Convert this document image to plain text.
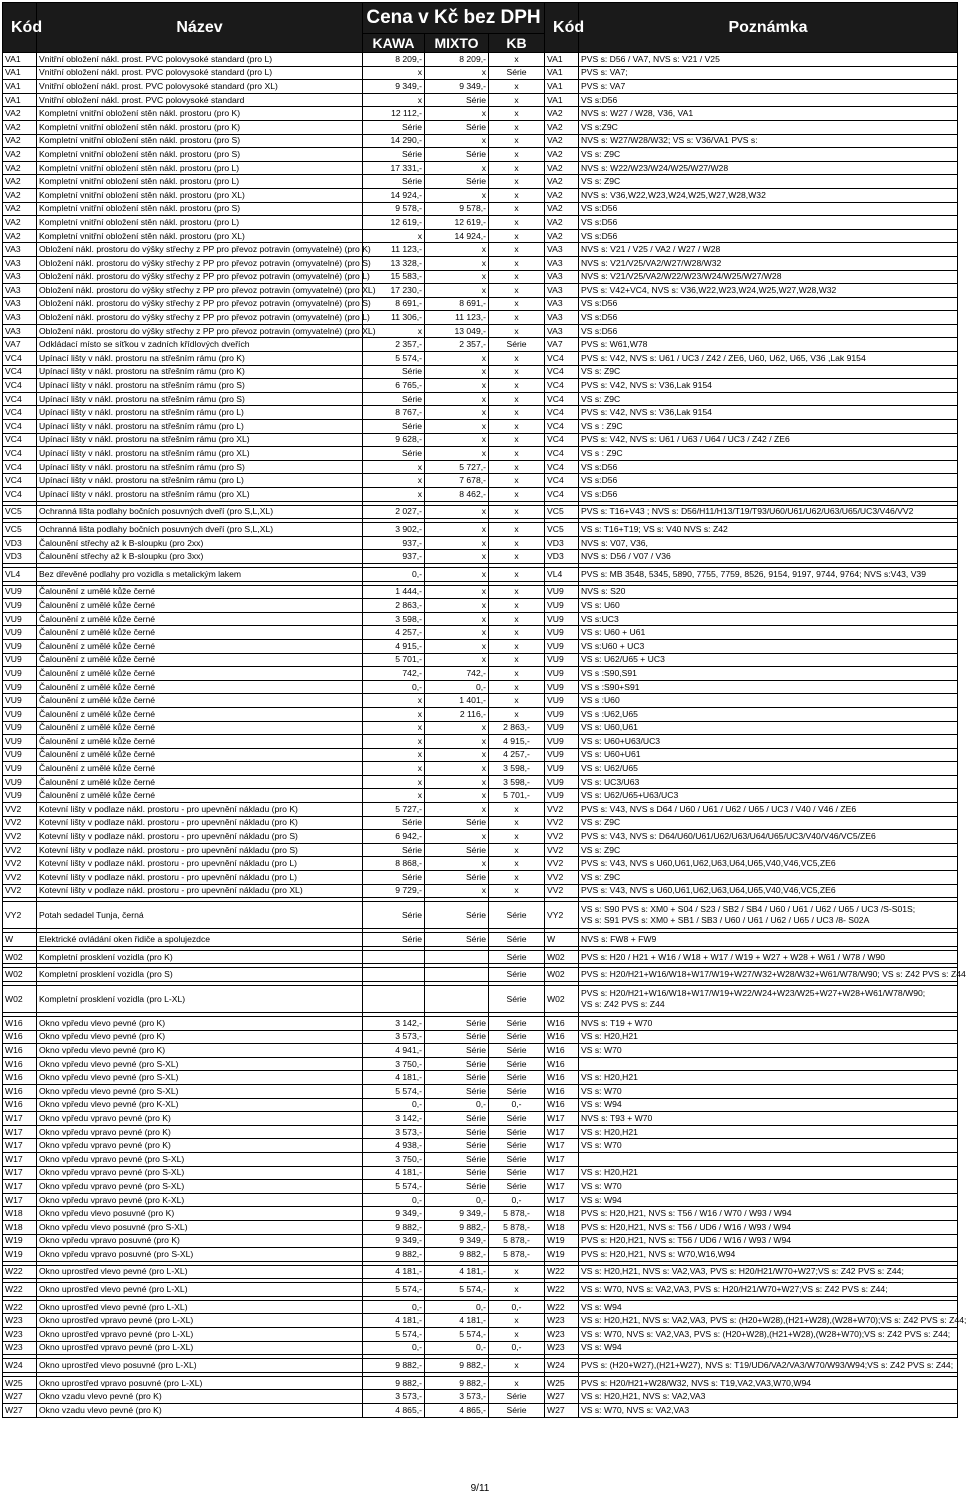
Kód	Název	Cena v Kč bez DPH			Kód	Poznámka
		KAWA	MIXTO	KB		
VA1	Vnitřní obložení nákl. prost. PVC polovysoké standard (pro L)	8 209,-	8 209,-	x	VA1	PVS s: D56 / VA7, NVS s: V21 / V25
VA1	Vnitřní obložení nákl. prost. PVC polovysoké standard (pro L)	x	x	Série	VA1	PVS s: VA7;
VA1	Vnitřní obložení nákl. prost. PVC polovysoké standard (pro XL)	9 349,-	9 349,-	x	VA1	PVS s: VA7
VA1	Vnitřní obložení nákl. prost. PVC polovysoké standard	x	Série	x	VA1	VS s:D56
VA2	Kompletní vnitřní obložení stěn nákl. prostoru (pro K)	12 112,-	x	x	VA2	NVS s: W27 / W28, V36, VA1
VA2	Kompletní vnitřní obložení stěn nákl. prostoru (pro K)	Série	Série	x	VA2	VS s:Z9C
VA2	Kompletní vnitřní obložení stěn nákl. prostoru (pro S)	14 290,-	x	x	VA2	NVS s: W27/W28/W32; VS s: V36/VA1 PVS s:
VA2	Kompletní vnitřní obložení stěn nákl. prostoru (pro S)	Série	Série	x	VA2	VS s: Z9C
VA2	Kompletní vnitřní obložení stěn nákl. prostoru (pro L)	17 331,-	x	x	VA2	NVS s: W22/W23/W24/W25/W27/W28
VA2	Kompletní vnitřní obložení stěn nákl. prostoru (pro L)	Série	Série	x	VA2	VS s: Z9C
VA2	Kompletní vnitřní obložení stěn nákl. prostoru (pro XL)	14 924,-	x	x	VA2	NVS s: V36,W22,W23,W24,W25,W27,W28,W32
VA2	Kompletní vnitřní obložení stěn nákl. prostoru (pro S)	9 578,-	9 578,-	x	VA2	VS s:D56
VA2	Kompletní vnitřní obložení stěn nákl. prostoru (pro L)	12 619,-	12 619,-	x	VA2	VS s:D56
VA2	Kompletní vnitřní obložení stěn nákl. prostoru (pro XL)	x	14 924,-	x	VA2	VS s:D56
VA3	Obložení nákl. prostoru do výšky střechy z PP pro převoz potravin (omyvatelné) (pro K)	11 123,-	x	x	VA3	NVS s: V21 / V25 / VA2 / W27 / W28
VA3	Obložení nákl. prostoru do výšky střechy z PP pro převoz potravin (omyvatelné) (pro S)	13 328,-	x	x	VA3	NVS s: V21/V25/VA2/W27/W28/W32
VA3	Obložení nákl. prostoru do výšky střechy z PP pro převoz potravin (omyvatelné) (pro L)	15 583,-	x	x	VA3	NVS s: V21/V25/VA2/W22/W23/W24/W25/W27/W28
VA3	Obložení nákl. prostoru do výšky střechy z PP pro převoz potravin (omyvatelné) (pro XL)	17 230,-	x	x	VA3	PVS s: V42+VC4, NVS s: V36,W22,W23,W24,W25,W27,W28,W32
VA3	Obložení nákl. prostoru do výšky střechy z PP pro převoz potravin (omyvatelné) (pro S)	8 691,-	8 691,-	x	VA3	VS s:D56
VA3	Obložení nákl. prostoru do výšky střechy z PP pro převoz potravin (omyvatelné) (pro L)	11 306,-	11 123,-	x	VA3	VS s:D56
VA3	Obložení nákl. prostoru do výšky střechy z PP pro převoz potravin (omyvatelné) (pro XL)	x	13 049,-	x	VA3	VS s:D56
VA7	Odkládací místo se síťkou v zadních křídlových dveřích	2 357,-	2 357,-	Série	VA7	PVS s: W61,W78
VC4	Upínací lišty v nákl. prostoru na střešním rámu (pro K)	5 574,-	x	x	VC4	PVS s: V42, NVS s: U61 / UC3 / Z42 / ZE6, U60, U62, U65, V36 ,Lak 9154
VC4	Upínací lišty v nákl. prostoru na střešním rámu (pro K)	Série	x	x	VC4	VS s: Z9C
VC4	Upínací lišty v nákl. prostoru na střešním rámu (pro S)	6 765,-	x	x	VC4	PVS s: V42, NVS s: V36,Lak 9154
VC4	Upínací lišty v nákl. prostoru na střešním rámu (pro S)	Série	x	x	VC4	VS s: Z9C
VC4	Upínací lišty v nákl. prostoru na střešním rámu (pro L)	8 767,-	x	x	VC4	PVS s: V42, NVS s: V36,Lak 9154
VC4	Upínací lišty v nákl. prostoru na střešním rámu (pro L)	Série	x	x	VC4	VS s : Z9C
VC4	Upínací lišty v nákl. prostoru na střešním rámu (pro XL)	9 628,-	x	x	VC4	PVS s: V42, NVS s: U61 / U63 / U64 / UC3 / Z42 / ZE6
VC4	Upínací lišty v nákl. prostoru na střešním rámu (pro XL)	Série	x	x	VC4	VS s : Z9C
VC4	Upínací lišty v nákl. prostoru na střešním rámu (pro S)	x	5 727,-	x	VC4	VS s:D56
VC4	Upínací lišty v nákl. prostoru na střešním rámu (pro L)	x	7 678,-	x	VC4	VS s:D56
VC4	Upínací lišty v nákl. prostoru na střešním rámu (pro XL)	x	8 462,-	x	VC4	VS s:D56

VC5	Ochranná lišta podlahy bočních posuvných dveří (pro S,L,XL)	2 027,-	x	x	VC5	PVS s: T16+V43 ; NVS s: D56/H11/H13/T19/T93/U60/U61/U62/U63/U65/UC3/V46/VV2

VC5	Ochranná lišta podlahy bočních posuvných dveří (pro S,L,XL)	3 902,-	x	x	VC5	VS s: T16+T19; VS s: V40 NVS s: Z42
VD3	Čalounění střechy až k B-sloupku (pro 2xx)	937,-	x	x	VD3	NVS s: V07, V36,
VD3	Čalounění střechy až k B-sloupku (pro 3xx)	937,-	x	x	VD3	NVS s: D56 / V07 / V36

VL4	Bez dřevěné podlahy pro vozidla s metalickým lakem	0,-	x	x	VL4	PVS s: MB 3548, 5345, 5890, 7755, 7759, 8526, 9154, 9197, 9744, 9764; NVS s:V43, V39

VU9	Čalounění z umělé kůže černé	1 444,-	x	x	VU9	NVS s: S20
VU9	Čalounění z umělé kůže černé	2 863,-	x	x	VU9	VS s: U60
VU9	Čalounění z umělé kůže černé	3 598,-	x	x	VU9	VS s:UC3
VU9	Čalounění z umělé kůže černé	4 257,-	x	x	VU9	VS s: U60 + U61
VU9	Čalounění z umělé kůže černé	4 915,-	x	x	VU9	VS s:U60 + UC3
VU9	Čalounění z umělé kůže černé	5 701,-	x	x	VU9	VS s: U62/U65 + UC3
VU9	Čalounění z umělé kůže černé	742,-	742,-	x	VU9	VS s :S90,S91
VU9	Čalounění z umělé kůže černé	0,-	0,-	x	VU9	VS s :S90+S91
VU9	Čalounění z umělé kůže černé	x	1 401,-	x	VU9	VS s :U60
VU9	Čalounění z umělé kůže černé	x	2 116,-	x	VU9	VS s :U62,U65
VU9	Čalounění z umělé kůže černé	x	x	2 863,-	VU9	VS s: U60,U61
VU9	Čalounění z umělé kůže černé	x	x	4 915,-	VU9	VS s: U60+U63/UC3
VU9	Čalounění z umělé kůže černé	x	x	4 257,-	VU9	VS s: U60+U61
VU9	Čalounění z umělé kůže černé	x	x	3 598,-	VU9	VS s: U62/U65
VU9	Čalounění z umělé kůže černé	x	x	3 598,-	VU9	VS s: UC3/U63
VU9	Čalounění z umělé kůže černé	x	x	5 701,-	VU9	VS s: U62/U65+U63/UC3
VV2	Kotevní lišty v podlaze nákl. prostoru - pro upevnění nákladu (pro K)	5 727,-	x	x	VV2	PVS s: V43, NVS s D64 / U60 / U61 / U62 / U65 / UC3 / V40 / V46 / ZE6
VV2	Kotevní lišty v podlaze nákl. prostoru - pro upevnění nákladu (pro K)	Série	Série	x	VV2	VS s: Z9C
VV2	Kotevní lišty v podlaze nákl. prostoru - pro upevnění nákladu (pro S)	6 942,-	x	x	VV2	PVS s: V43, NVS s: D64/U60/U61/U62/U63/U64/U65/UC3/V40/V46/VC5/ZE6
VV2	Kotevní lišty v podlaze nákl. prostoru - pro upevnění nákladu (pro S)	Série	Série	x	VV2	VS s: Z9C
VV2	Kotevní lišty v podlaze nákl. prostoru - pro upevnění nákladu (pro L)	8 868,-	x	x	VV2	PVS s: V43, NVS s U60,U61,U62,U63,U64,U65,V40,V46,VC5,ZE6
VV2	Kotevní lišty v podlaze nákl. prostoru - pro upevnění nákladu (pro L)	Série	Série	x	VV2	VS s: Z9C
VV2	Kotevní lišty v podlaze nákl. prostoru - pro upevnění nákladu (pro XL)	9 729,-	x	x	VV2	PVS s: V43, NVS s U60,U61,U62,U63,U64,U65,V40,V46,VC5,ZE6

VY2	Potah sedadel Tunja, černá	Série	Série	Série	VY2	VS s: S90 PVS s: XM0 + S04 / S23 / SB2 / SB4 / U60 / U61 / U62 / U65 / UC3 /S-S01S;
VS s: S91 PVS s: XM0 + SB1 / SB3 / U60 / U61 / U62 / U65 / UC3 /8- S02A

W	Elektrické ovládání oken řidiče a spolujezdce	Série	Série	Série	W	NVS s: FW8 + FW9

W02	Kompletní prosklení vozidla (pro K)			Série	W02	PVS s: H20 / H21 + W16 / W18 + W17 / W19 + W27 + W28 + W61 / W78 / W90

W02	Kompletní prosklení vozidla (pro S)			Série	W02	PVS s: H20/H21+W16/W18+W17/W19+W27/W32+W28/W32+W61/W78/W90; VS s: Z42 PVS s: Z44

W02	Kompletní prosklení vozidla (pro L-XL)			Série	W02	PVS s: H20/H21+W16/W18+W17/W19+W22/W24+W23/W25+W27+W28+W61/W78/W90;
VS s: Z42 PVS s: Z44

W16	Okno vpředu vlevo pevné (pro K)	3 142,-	Série	Série	W16	NVS s: T19 + W70
W16	Okno vpředu vlevo pevné (pro K)	3 573,-	Série	Série	W16	VS s: H20,H21
W16	Okno vpředu vlevo pevné (pro K)	4 941,-	Série	Série	W16	VS s: W70
W16	Okno vpředu vlevo pevné (pro S-XL)	3 750,-	Série	Série	W16	
W16	Okno vpředu vlevo pevné (pro S-XL)	4 181,-	Série	Série	W16	VS s: H20,H21
W16	Okno vpředu vlevo pevné (pro S-XL)	5 574,-	Série	Série	W16	VS s: W70
W16	Okno vpředu vlevo pevné (pro K-XL)	0,-	0,-	0,-	W16	VS s: W94
W17	Okno vpředu vpravo pevné (pro K)	3 142,-	Série	Série	W17	NVS s: T93 + W70
W17	Okno vpředu vpravo pevné (pro K)	3 573,-	Série	Série	W17	VS s: H20,H21
W17	Okno vpředu vpravo pevné (pro K)	4 938,-	Série	Série	W17	VS s: W70
W17	Okno vpředu vpravo pevné (pro S-XL)	3 750,-	Série	Série	W17	
W17	Okno vpředu vpravo pevné (pro S-XL)	4 181,-	Série	Série	W17	VS s: H20,H21
W17	Okno vpředu vpravo pevné (pro S-XL)	5 574,-	Série	Série	W17	VS s: W70
W17	Okno vpředu vpravo pevné (pro K-XL)	0,-	0,-	0,-	W17	VS s: W94
W18	Okno vpředu vlevo posuvné (pro K)	9 349,-	9 349,-	5 878,-	W18	PVS s: H20,H21, NVS s: T56 / W16 / W70 / W93 / W94
W18	Okno vpředu vlevo posuvné (pro S-XL)	9 882,-	9 882,-	5 878,-	W18	PVS s: H20,H21, NVS s: T56 / UD6 / W16 / W93 / W94
W19	Okno vpředu vpravo posuvné (pro K)	9 349,-	9 349,-	5 878,-	W19	PVS s: H20,H21, NVS s: T56 / UD6 / W16 / W93 / W94
W19	Okno vpředu vpravo posuvné (pro S-XL)	9 882,-	9 882,-	5 878,-	W19	PVS s: H20,H21, NVS s: W70,W16,W94

W22	Okno uprostřed vlevo pevné (pro L-XL)	4 181,-	4 181,-	x	W22	VS s: H20,H21, NVS s: VA2,VA3, PVS s: H20/H21/W70+W27;VS s: Z42 PVS s: Z44;

W22	Okno uprostřed vlevo pevné (pro L-XL)	5 574,-	5 574,-	x	W22	VS s: W70, NVS s: VA2,VA3, PVS s: H20/H21/W70+W27;VS s: Z42 PVS s: Z44;

W22	Okno uprostřed vlevo pevné (pro L-XL)	0,-	0,-	0,-	W22	VS s: W94
W23	Okno uprostřed vpravo pevné (pro L-XL)	4 181,-	4 181,-	x	W23	VS s: H20,H21, NVS s: VA2,VA3, PVS s: (H20+W28),(H21+W28),(W28+W70);VS s: Z42 PVS s: Z44;
W23	Okno uprostřed vpravo pevné (pro L-XL)	5 574,-	5 574,-	x	W23	VS s: W70, NVS s: VA2,VA3, PVS s: (H20+W28),(H21+W28),(W28+W70);VS s: Z42 PVS s: Z44;
W23	Okno uprostřed vpravo pevné (pro L-XL)	0,-	0,-	0,-	W23	VS s: W94

W24	Okno uprostřed vlevo posuvné (pro L-XL)	9 882,-	9 882,-	x	W24	PVS s: (H20+W27),(H21+W27), NVS s: T19/UD6/VA2/VA3/W70/W93/W94;VS s: Z42 PVS s: Z44;

W25	Okno uprostřed vpravo posuvné (pro L-XL)	9 882,-	9 882,-	x	W25	PVS s: H20/H21+W28/W32, NVS s: T19,VA2,VA3,W70,W94
W27	Okno vzadu vlevo pevné (pro K)	3 573,-	3 573,-	Série	W27	VS s: H20,H21, NVS s: VA2,VA3
W27	Okno vzadu vlevo pevné (pro K)	4 865,-	4 865,-	Série	W27	VS s: W70, NVS s: VA2,VA3
9/11
